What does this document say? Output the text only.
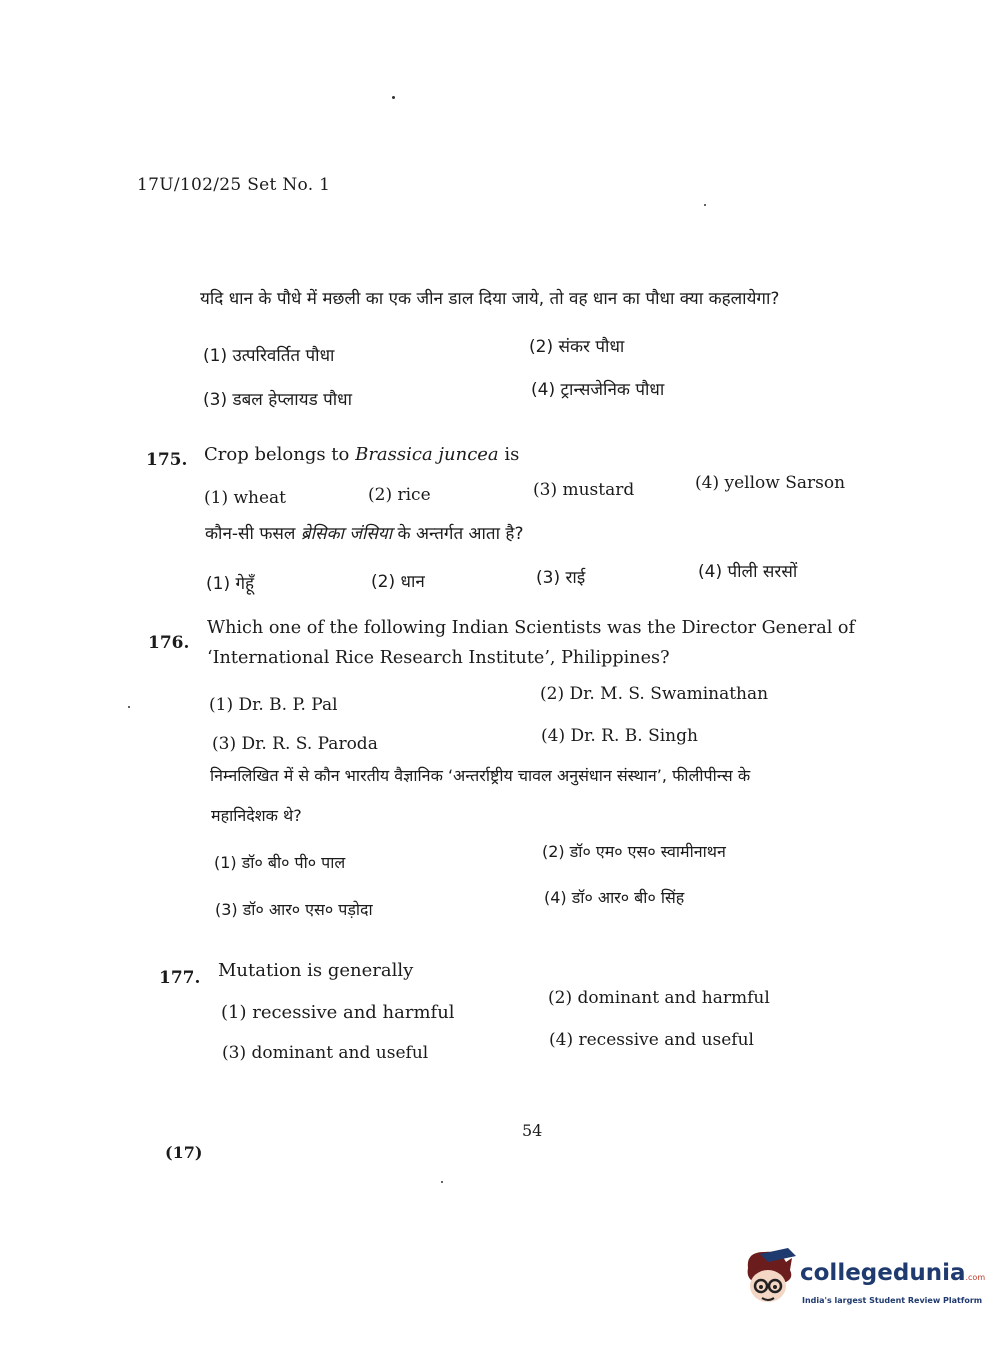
17U/102/25 Set No. 1
यदि धान के पौधे में मछली का एक जीन डाल दिया जाये, तो वह धान का पौधा क्या कहलायेगा?
(1) उत्परिवर्तित पौधा	(2) संकर पौधा
(3) डबल हेप्लायड पौधा	(4) ट्रान्सजेनिक पौधा
175. Crop belongs to Brassica juncea is
(1) wheat	(2) rice	(3) mustard	(4) yellow Sarson
कौन-सी फसल ब्रेसिका जंसिया के अन्तर्गत आता है?
(1) गेहूँ	(2) धान	(3) राई	(4) पीली सरसों
176.
Which one of the following Indian Scientists was the Director General of
‘International Rice Research Institute’, Philippines?
(1) Dr. B. P. Pal
(2) Dr. M. S. Swaminathan
(3) Dr. R. S. Paroda	(4) Dr. R. B. Singh
निम्नलिखित में से कौन भारतीय वैज्ञानिक ‘अन्तर्राष्ट्रीय चावल अनुसंधान संस्थान’, फीलीपीन्स के
महानिदेशक थे?
(1) डॉ० बी० पी० पाल
(2) डॉ० एम० एस० स्वामीनाथन
(3) डॉ० आर० एस० पड़ोदा
(4) डॉ० आर० बी० सिंह
177. Mutation is generally
(1) recessive and harmful
(2) dominant and harmful
(3) dominant and useful
(4) recessive and useful
54
(17)
collegedunia.com
India's largest Student Review Platform
